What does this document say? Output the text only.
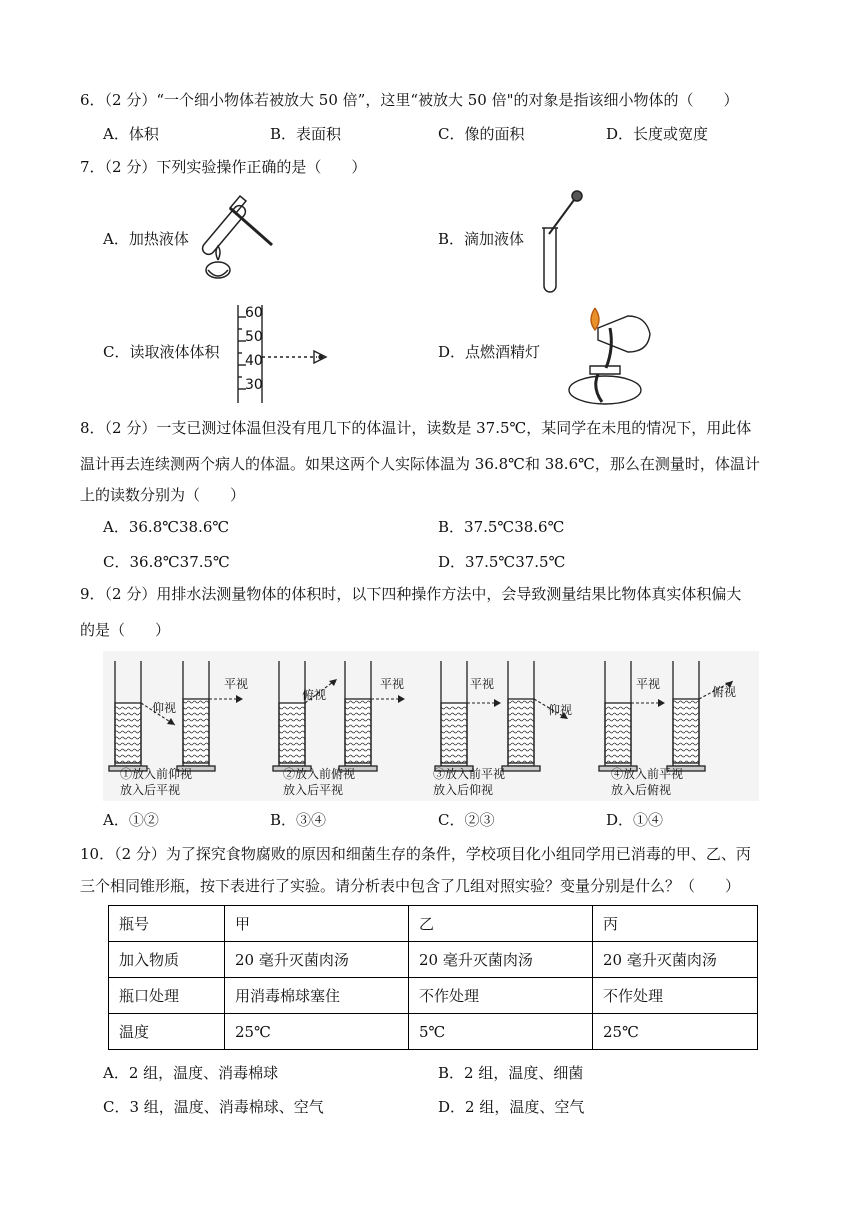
6．（2 分）“一个细小物体若被放大 50 倍”，这里“被放大 50 倍"的对象是指该细小物体的（　　）
A．体积	B．表面积	C．像的面积	D．长度或宽度
7．（2 分）下列实验操作正确的是（　　）
A．加热液体	B．滴加液体
C．读取液体体积	D．点燃酒精灯
60
50
40
30
8．（2 分）一支已测过体温但没有甩几下的体温计，读数是 37.5℃，某同学在未甩的情况下，用此体
温计再去连续测两个病人的体温。如果这两个人实际体温为 36.8℃和 38.6℃，那么在测量时，体温计
上的读数分别为（　　）
A．36.8℃38.6℃	B．37.5℃38.6℃
C．36.8℃37.5℃	D．37.5℃37.5℃
9．（2 分）用排水法测量物体的体积时，以下四种操作方法中，会导致测量结果比物体真实体积偏大
的是（　　）
仰视
平视
俯视
平视	平视
仰视
平视
俯视
①放入前仰视
放入后平视
②放入前俯视
放入后平视
③放入前平视
放入后仰视
④放入前平视
放入后俯视
A．①②	B．③④	C．②③	D．①④
10．（2 分）为了探究食物腐败的原因和细菌生存的条件，学校项目化小组同学用已消毒的甲、乙、丙
三个相同锥形瓶，按下表进行了实验。请分析表中包含了几组对照实验？变量分别是什么？（　　）
瓶号	甲	乙	丙
加入物质	20 毫升灭菌肉汤	20 毫升灭菌肉汤	20 毫升灭菌肉汤
瓶口处理	用消毒棉球塞住	不作处理	不作处理
温度	25℃	5℃	25℃
A．2 组，温度、消毒棉球	B．2 组，温度、细菌
C．3 组，温度、消毒棉球、空气	D．2 组，温度、空气
